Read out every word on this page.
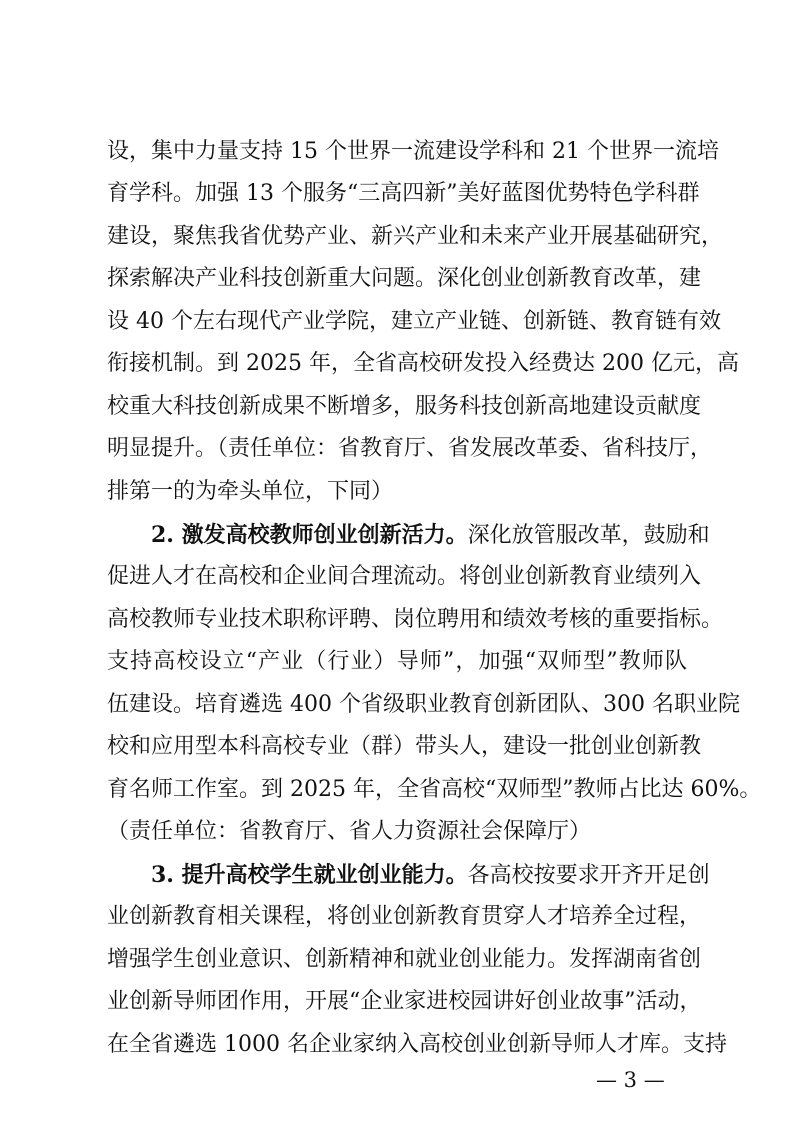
设，集中力量支持 15 个世界一流建设学科和 21 个世界一流培
育学科。加强 13 个服务“三高四新”美好蓝图优势特色学科群
建设，聚焦我省优势产业、新兴产业和未来产业开展基础研究，
探索解决产业科技创新重大问题。深化创业创新教育改革，建
设 40 个左右现代产业学院，建立产业链、创新链、教育链有效
衔接机制。到 2025 年，全省高校研发投入经费达 200 亿元，高
校重大科技创新成果不断增多，服务科技创新高地建设贡献度
明显提升。（责任单位：省教育厅、省发展改革委、省科技厅，
排第一的为牵头单位，下同）
2. 激发高校教师创业创新活力。深化放管服改革，鼓励和
促进人才在高校和企业间合理流动。将创业创新教育业绩列入
高校教师专业技术职称评聘、岗位聘用和绩效考核的重要指标。
支持高校设立“产业（行业）导师”，加强“双师型”教师队
伍建设。培育遴选 400 个省级职业教育创新团队、300 名职业院
校和应用型本科高校专业（群）带头人，建设一批创业创新教
育名师工作室。到 2025 年，全省高校“双师型”教师占比达 60%。
（责任单位：省教育厅、省人力资源社会保障厅）
3. 提升高校学生就业创业能力。各高校按要求开齐开足创
业创新教育相关课程，将创业创新教育贯穿人才培养全过程，
增强学生创业意识、创新精神和就业创业能力。发挥湖南省创
业创新导师团作用，开展“企业家进校园讲好创业故事”活动，
在全省遴选 1000 名企业家纳入高校创业创新导师人才库。支持
— 3 —
